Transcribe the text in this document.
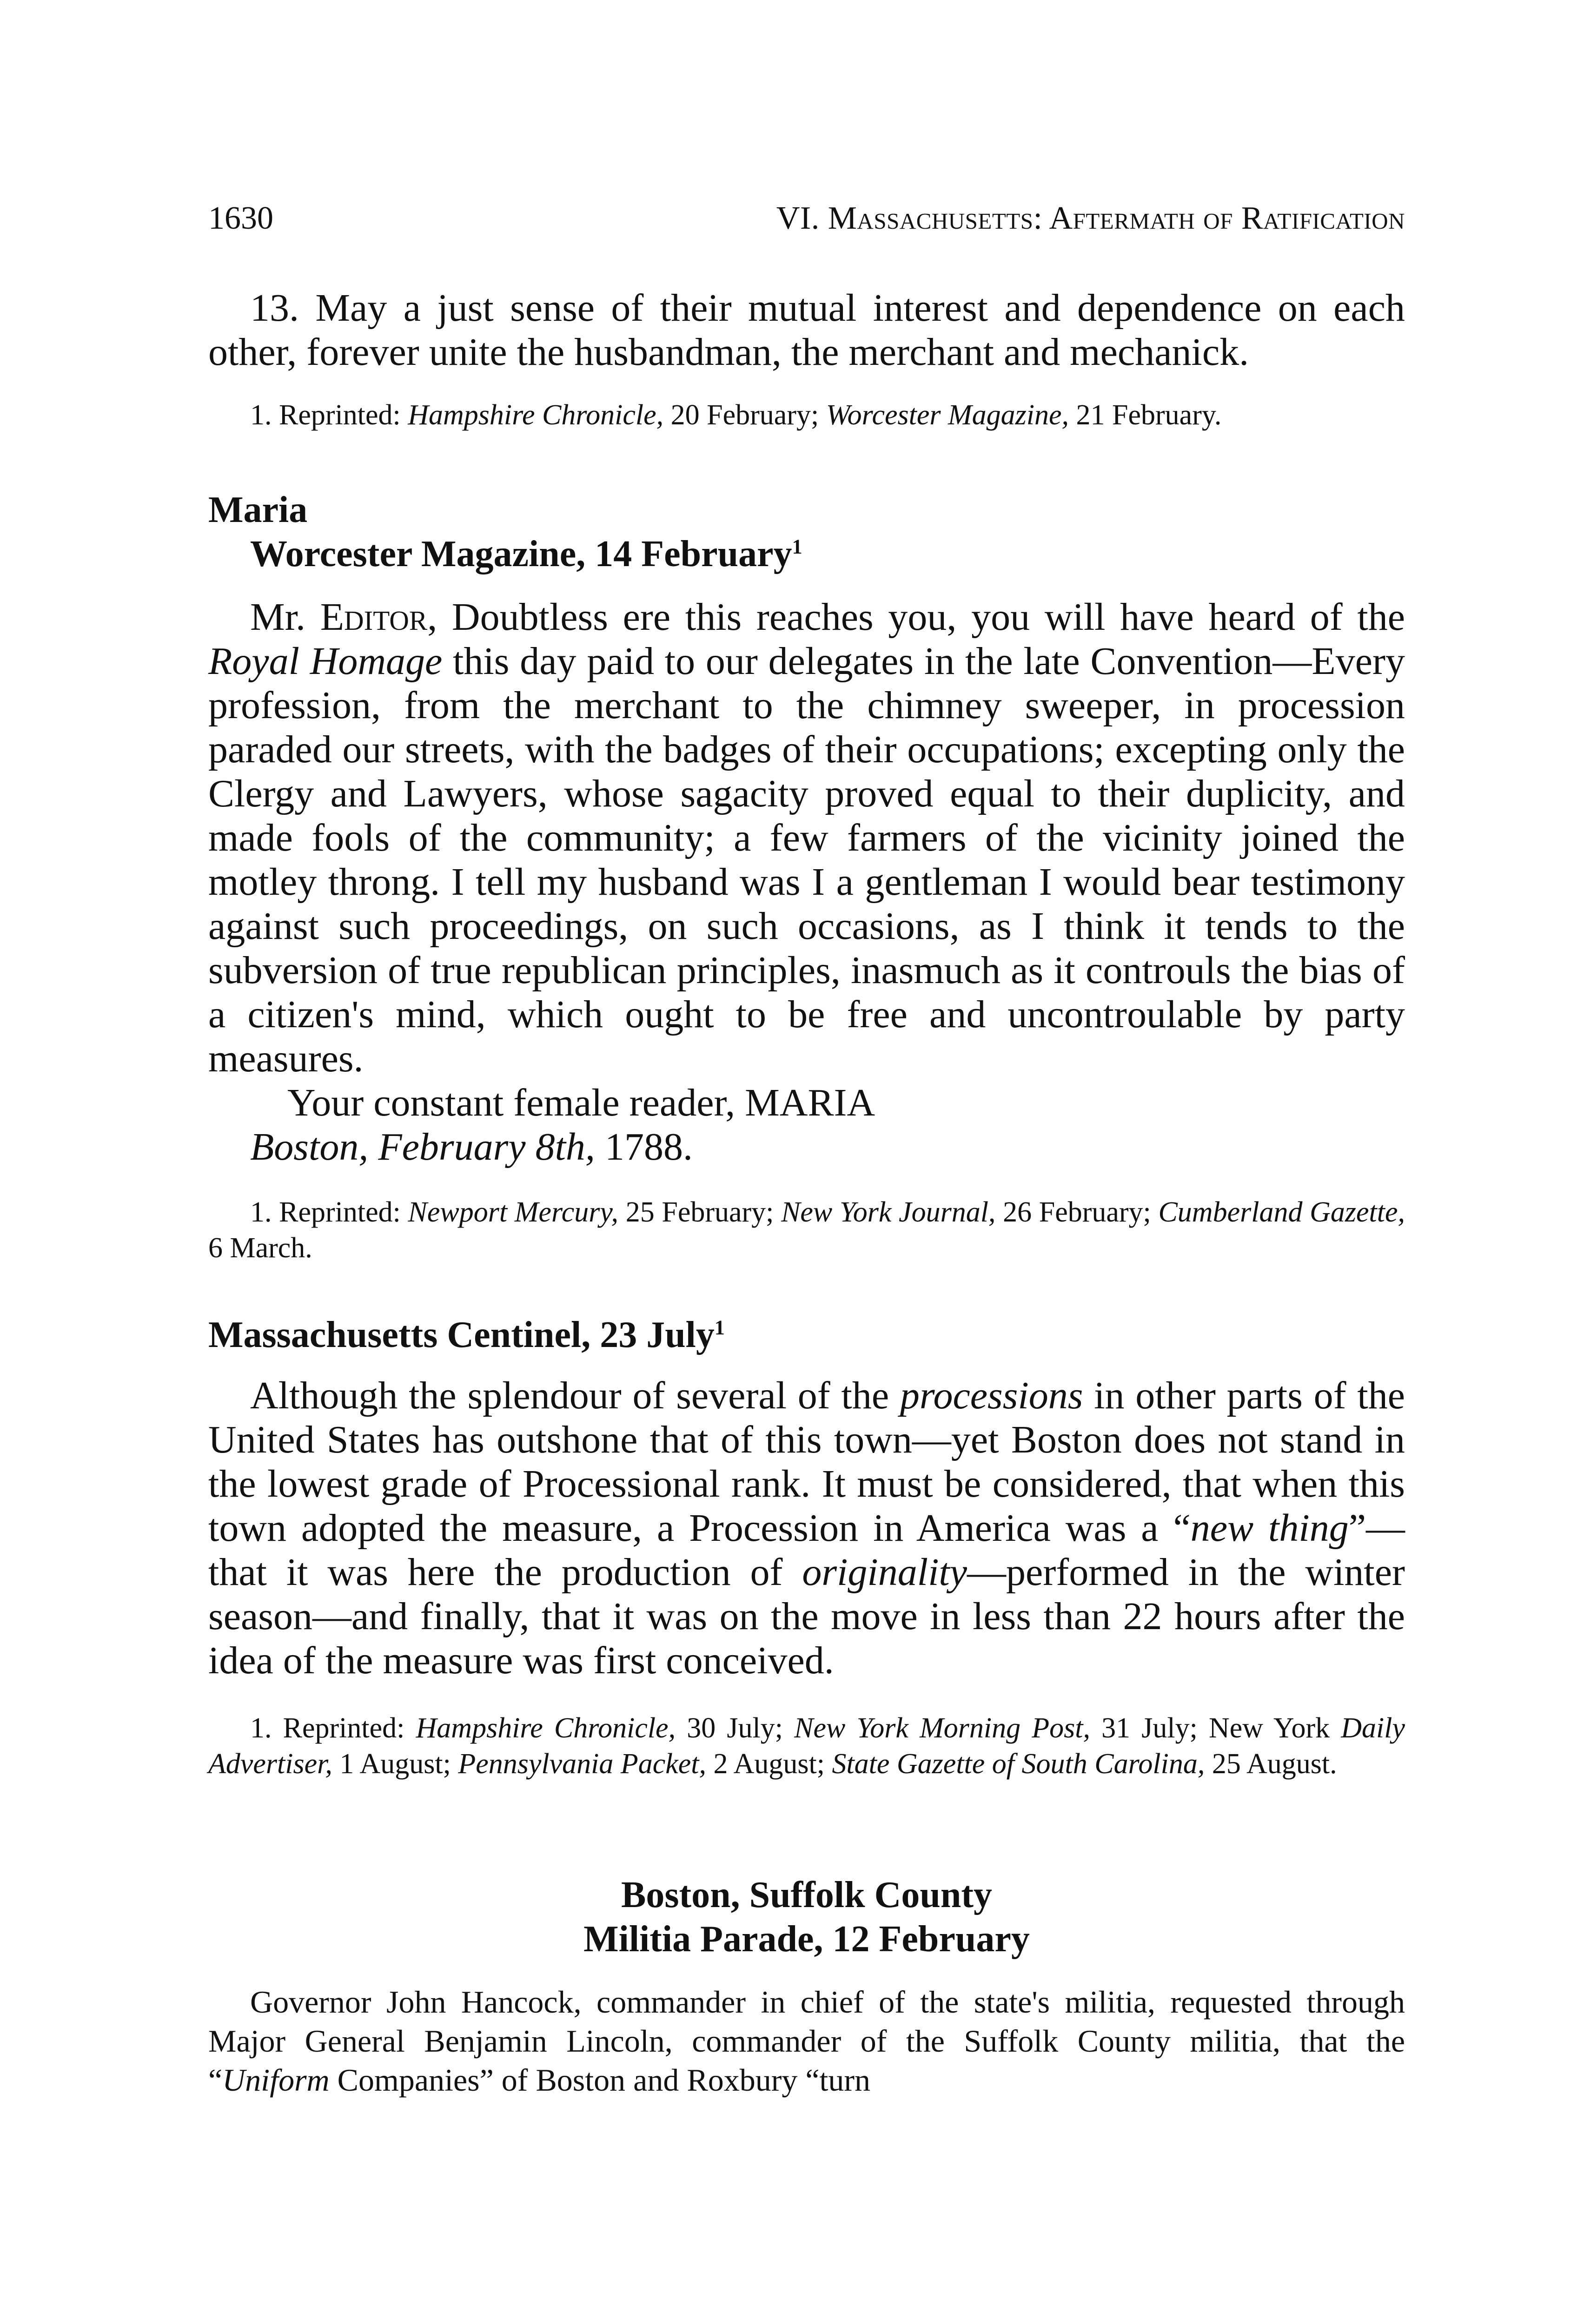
1630	VI. Massachusetts: Aftermath of Ratification

13. May a just sense of their mutual interest and dependence on each other, forever unite the husbandman, the merchant and mechanick.

1. Reprinted: Hampshire Chronicle, 20 February; Worcester Magazine, 21 February.

Maria

Worcester Magazine, 14 February$^1$

Mr. Editor, Doubtless ere this reaches you, you will have heard of the Royal Homage this day paid to our delegates in the late Convention—Every profession, from the merchant to the chimney sweeper, in procession paraded our streets, with the badges of their occupations; excepting only the Clergy and Lawyers, whose sagacity proved equal to their duplicity, and made fools of the community; a few farmers of the vicinity joined the motley throng. I tell my husband was I a gentleman I would bear testimony against such proceedings, on such occasions, as I think it tends to the subversion of true republican principles, inasmuch as it controuls the bias of a citizen's mind, which ought to be free and uncontroulable by party measures.

Your constant female reader, MARIA

Boston, February 8th, 1788.

1. Reprinted: Newport Mercury, 25 February; New York Journal, 26 February; Cumberland Gazette, 6 March.

Massachusetts Centinel, 23 July$^1$

Although the splendour of several of the processions in other parts of the United States has outshone that of this town—yet Boston does not stand in the lowest grade of Processional rank. It must be considered, that when this town adopted the measure, a Procession in America was a “new thing”—that it was here the production of originality—performed in the winter season—and finally, that it was on the move in less than 22 hours after the idea of the measure was first conceived.

1. Reprinted: Hampshire Chronicle, 30 July; New York Morning Post, 31 July; New York Daily Advertiser, 1 August; Pennsylvania Packet, 2 August; State Gazette of South Carolina, 25 August.

Boston, Suffolk County

Militia Parade, 12 February

Governor John Hancock, commander in chief of the state's militia, requested through Major General Benjamin Lincoln, commander of the Suffolk County militia, that the “Uniform Companies” of Boston and Roxbury “turn
